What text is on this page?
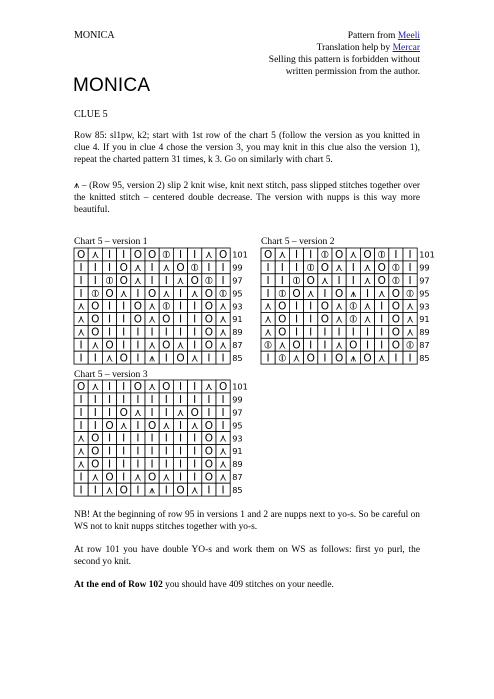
MONICA	Pattern from Meeli
Translation help by Mercar
Selling this pattern is forbidden without
written permission from the author.
MONICA
CLUE 5
Row 85: sl1pw, k2; start with 1st row of the chart 5 (follow the version as you knitted in clue 4. If you in clue 4 chose the version 3, you may knit in this clue also the version 1), repeat the charted pattern 31 times, k 3. Go on similarly with chart 5.
⩚ – (Row 95, version 2) slip 2 knit wise, knit next stitch, pass slipped stitches together over the knitted stitch – centered double decrease. The version with nupps is this way more beautiful.
Chart 5 – version 1	Chart 5 – version 2
Chart 5 – version 3
O ⋏ I I O O ⦶ I I ⋏ O 101
I I I O ⋏ I ⋏ O ⦶ I I 99
I I ⦶ O ⋏ I I ⋏ O ⦶ I 97
I ⦶ O ⋏ I O ⋏ I ⋏ O ⦶ 95
⋏ O I I O ⋏ ⦶ I I O ⋏ 93
⋏ O I I O ⋏ O I I O ⋏ 91
⋏ O I I I I I I I O ⋏ 89
I ⋏ O I I ⋏ O ⋏ I O ⋏ 87
I I ⋏ O I ⩚ I O ⋏ I I 85
O ⋏ I I ⦶ O ⋏ O ⦶ I I 101
I I I ⦶ O ⋏ I ⋏ O ⦶ I 99
I I ⦶ O ⋏ I I ⋏ O ⦶ I 97
I ⦶ O ⋏ I O ⩚ I ⋏ O ⦶ 95
⋏ O I I O ⋏ ⦶ ⋏ I O ⋏ 93
⋏ O I I O ⋏ ⦶ ⋏ I O ⋏ 91
⋏ O I I I I I I I O ⋏ 89
⦶ ⋏ O I I ⋏ O I I O ⦶ 87
I ⦶ ⋏ O I O ⩚ O ⋏ I I 85
O ⋏ I I O ⋏ O I I ⋏ O 101
I I I I I I I I I I I 99
I I I O ⋏ I I ⋏ O I I 97
I I O ⋏ I O ⋏ I ⋏ O I 95
⋏ O I I I I I I I O ⋏ 93
⋏ O I I I I I I I O ⋏ 91
⋏ O I I I I I I I O ⋏ 89
I ⋏ O I ⋏ O ⋏ I I O ⋏ 87
I I ⋏ O I ⩚ I O ⋏ I I 85
NB! At the beginning of row 95 in versions 1 and 2 are nupps next to yo-s. So be careful on WS not to knit nupps stitches together with yo-s.
At row 101 you have double YO-s and work them on WS as follows: first yo purl, the second yo knit.
At the end of Row 102 you should have 409 stitches on your needle.
